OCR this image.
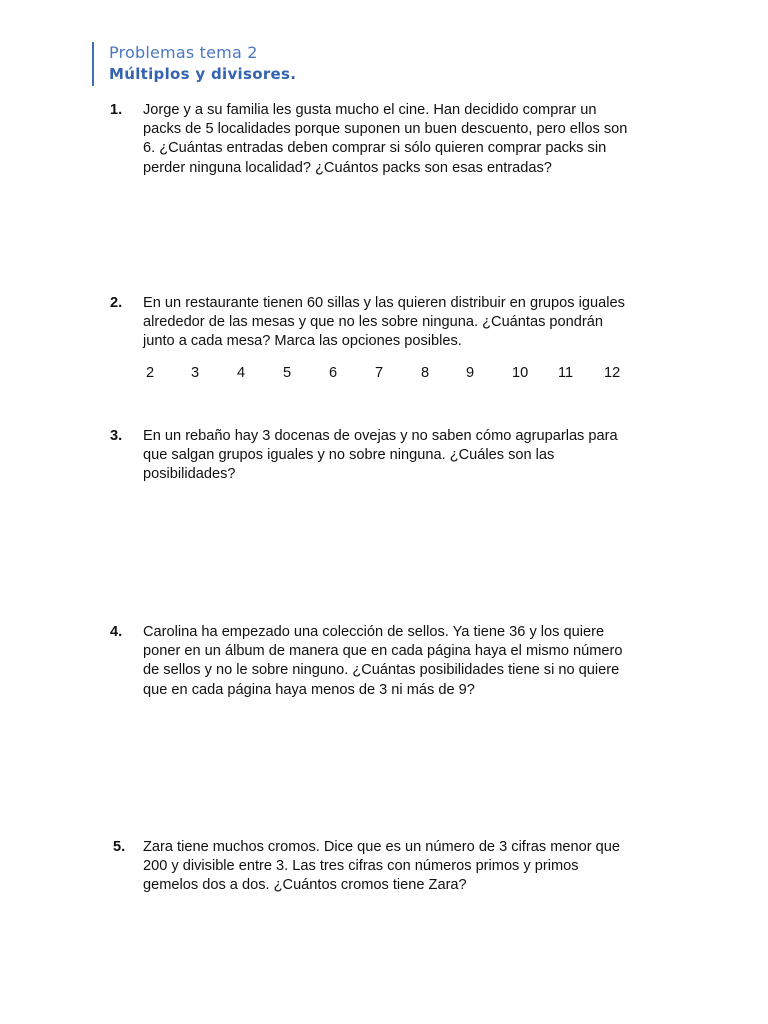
Problemas tema 2
Múltiplos y divisores.
1. Jorge y a su familia les gusta mucho el cine. Han decidido comprar un
packs de 5 localidades porque suponen un buen descuento, pero ellos son
6. ¿Cuántas entradas deben comprar si sólo quieren comprar packs sin
perder ninguna localidad? ¿Cuántos packs son esas entradas?
2. En un restaurante tienen 60 sillas y las quieren distribuir en grupos iguales
alrededor de las mesas y que no les sobre ninguna. ¿Cuántas pondrán
junto a cada mesa? Marca las opciones posibles.
2	3	4	5	6	7	8	9	10 11 12
3. En un rebaño hay 3 docenas de ovejas y no saben cómo agruparlas para
que salgan grupos iguales y no sobre ninguna. ¿Cuáles son las
posibilidades?
4. Carolina ha empezado una colección de sellos. Ya tiene 36 y los quiere
poner en un álbum de manera que en cada página haya el mismo número
de sellos y no le sobre ninguno. ¿Cuántas posibilidades tiene si no quiere
que en cada página haya menos de 3 ni más de 9?
5. Zara tiene muchos cromos. Dice que es un número de 3 cifras menor que
200 y divisible entre 3. Las tres cifras con números primos y primos
gemelos dos a dos. ¿Cuántos cromos tiene Zara?
